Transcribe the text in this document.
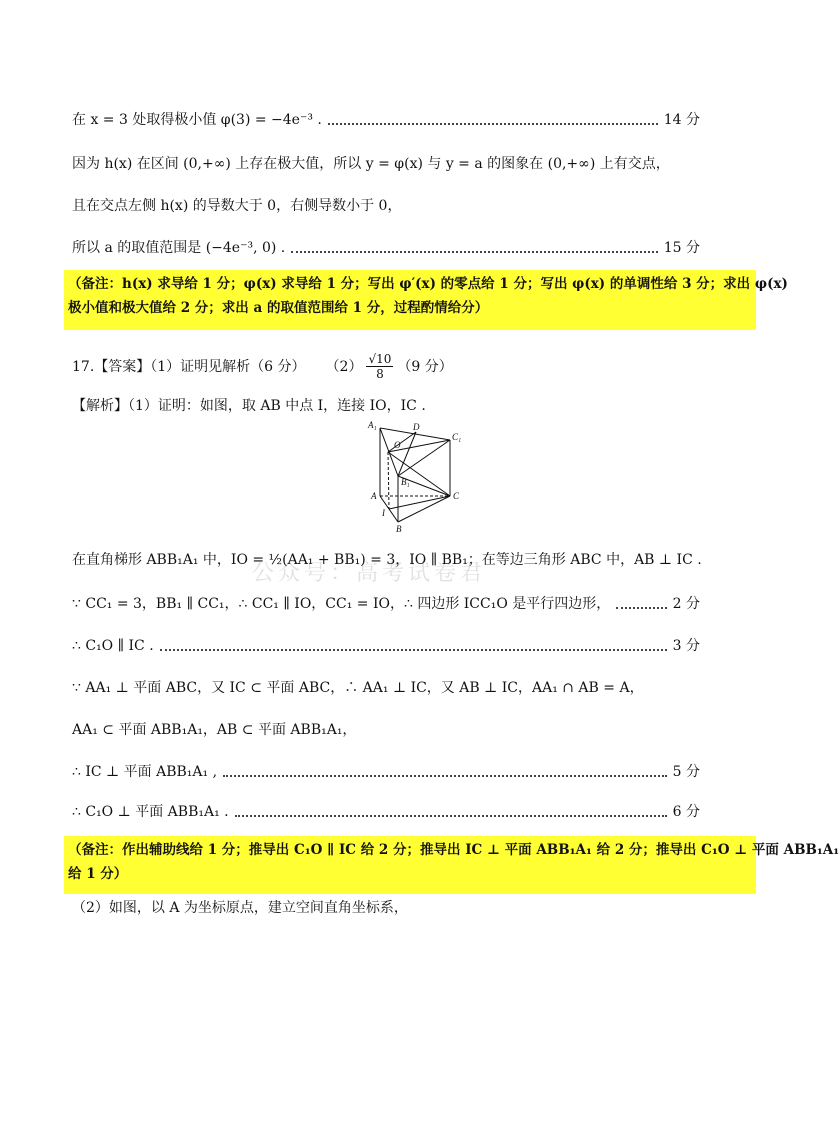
在 x = 3 处取得极小值 φ(3) = −4e⁻³ .	14 分
因为 h(x) 在区间 (0,+∞) 上存在极大值，所以 y = φ(x) 与 y = a 的图象在 (0,+∞) 上有交点，
且在交点左侧 h(x) 的导数大于 0，右侧导数小于 0，
所以 a 的取值范围是 (−4e⁻³, 0) .	15 分
（备注：h(x) 求导给 1 分；φ(x) 求导给 1 分；写出 φ′(x) 的零点给 1 分；写出 φ(x) 的单调性给 3 分；求出 φ(x)
极小值和极大值给 2 分；求出 a 的取值范围给 1 分，过程酌情给分）
17.【答案】（1）证明见解析（6 分） $(2) \frac{√10}{8} (9$ 分）
【解析】（1）证明：如图，取 AB 中点 I，连接 IO，IC .
A₁	D
C₁
O
B₁
A	C
I
B
公众号：高考试卷君
在直角梯形 ABB₁A₁ 中，IO = ½(AA₁ + BB₁) = 3，IO ∥ BB₁；在等边三角形 ABC 中，AB ⊥ IC .
∵ CC₁ = 3，BB₁ ∥ CC₁，∴ CC₁ ∥ IO，CC₁ = IO，∴ 四边形 ICC₁O 是平行四边形，	2 分
∴ C₁O ∥ IC .	3 分
∵ AA₁ ⊥ 平面 ABC，又 IC ⊂ 平面 ABC，∴ AA₁ ⊥ IC，又 AB ⊥ IC，AA₁ ∩ AB = A，
AA₁ ⊂ 平面 ABB₁A₁，AB ⊂ 平面 ABB₁A₁，
∴ IC ⊥ 平面 ABB₁A₁ ,	5 分
∴ C₁O ⊥ 平面 ABB₁A₁ .	6 分
（备注：作出辅助线给 1 分；推导出 C₁O ∥ IC 给 2 分；推导出 IC ⊥ 平面 ABB₁A₁ 给 2 分；推导出 C₁O ⊥ 平面 ABB₁A₁
给 1 分）
（2）如图，以 A 为坐标原点，建立空间直角坐标系，
